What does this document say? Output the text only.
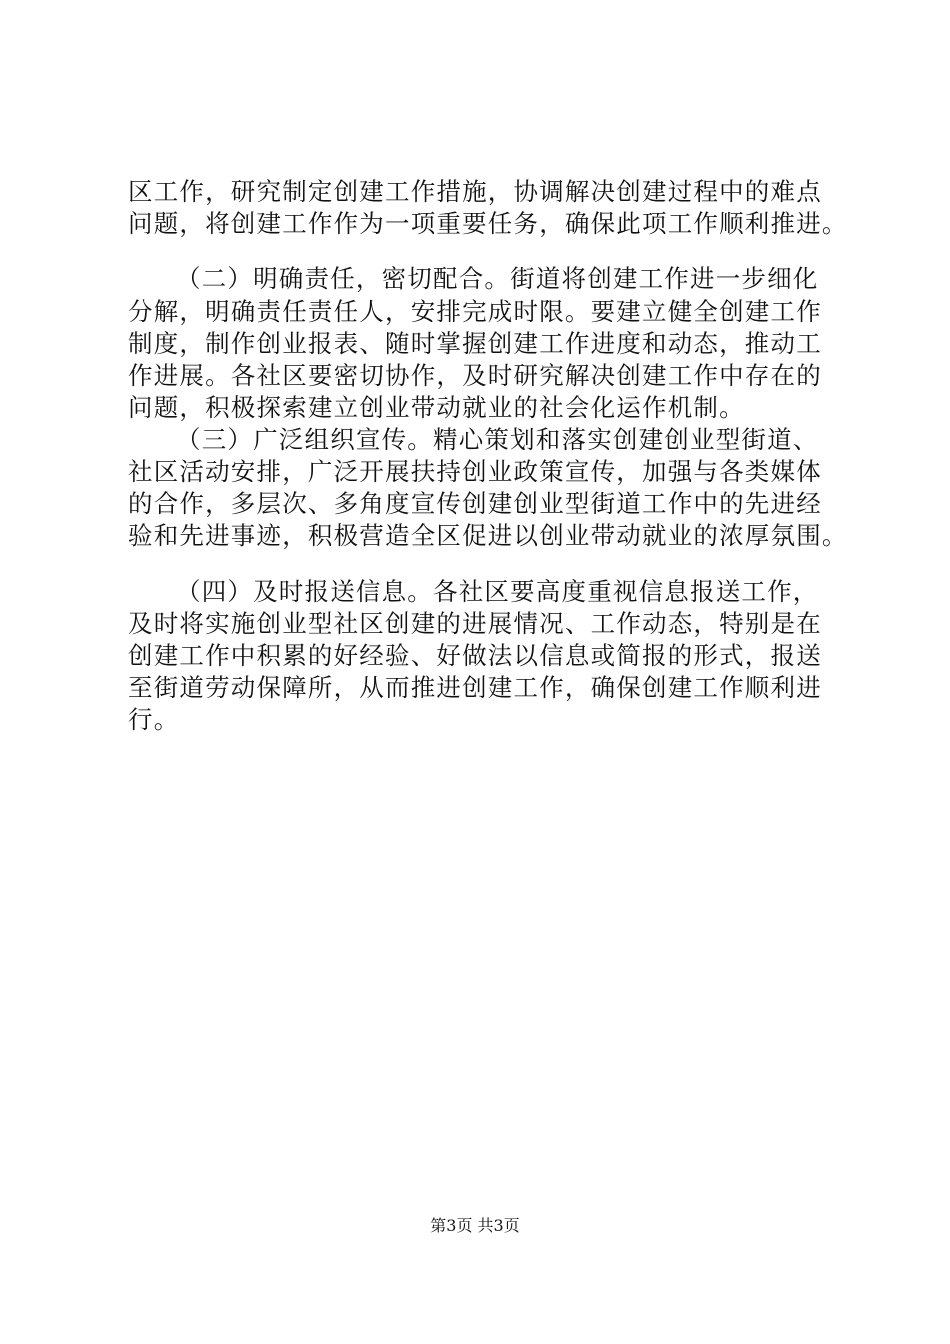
区工作，研究制定创建工作措施，协调解决创建过程中的难点
问题，将创建工作作为一项重要任务，确保此项工作顺利推进。
（二）明确责任，密切配合。街道将创建工作进一步细化
分解，明确责任责任人，安排完成时限。要建立健全创建工作
制度，制作创业报表、随时掌握创建工作进度和动态，推动工
作进展。各社区要密切协作，及时研究解决创建工作中存在的
问题，积极探索建立创业带动就业的社会化运作机制。
（三）广泛组织宣传。精心策划和落实创建创业型街道、
社区活动安排，广泛开展扶持创业政策宣传，加强与各类媒体
的合作，多层次、多角度宣传创建创业型街道工作中的先进经
验和先进事迹，积极营造全区促进以创业带动就业的浓厚氛围。
（四）及时报送信息。各社区要高度重视信息报送工作，
及时将实施创业型社区创建的进展情况、工作动态，特别是在
创建工作中积累的好经验、好做法以信息或简报的形式，报送
至街道劳动保障所，从而推进创建工作，确保创建工作顺利进
行。
第3页 共3页
